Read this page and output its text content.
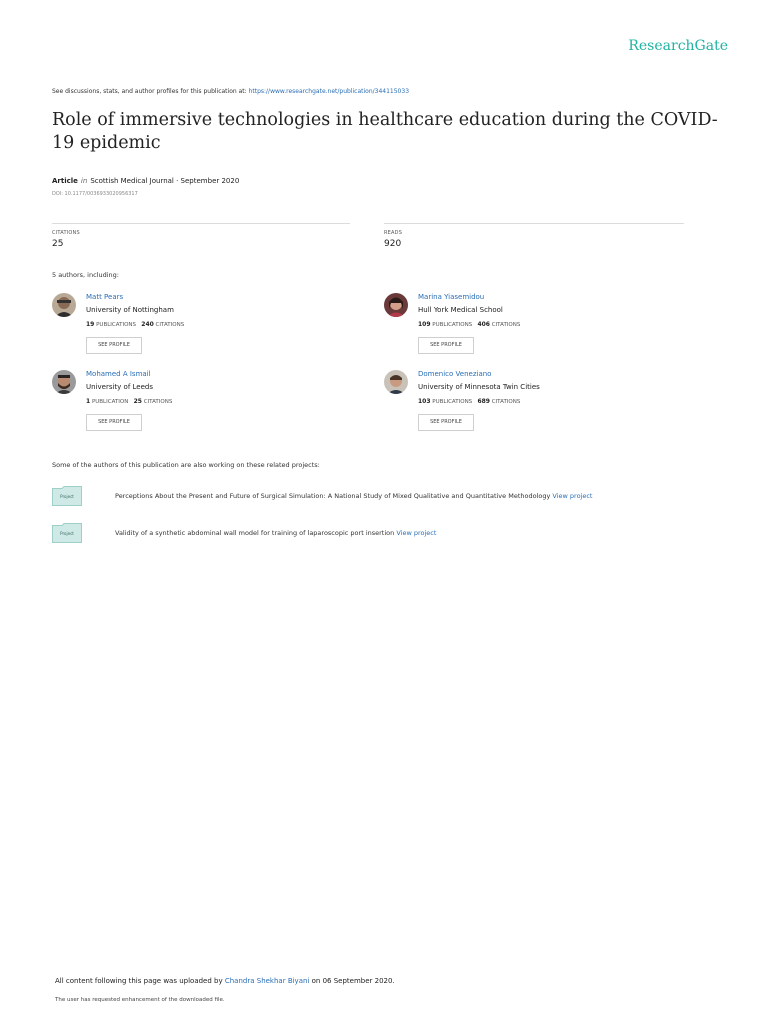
ResearchGate
See discussions, stats, and author profiles for this publication at: https://www.researchgate.net/publication/344115033
Role of immersive technologies in healthcare education during the COVID-19 epidemic
Article in Scottish Medical Journal · September 2020
DOI: 10.1177/0036933020956317
CITATIONS
25
READS
920
5 authors, including:
Matt Pears
University of Nottingham
19 PUBLICATIONS 240 CITATIONS
SEE PROFILE
Marina Yiasemidou
Hull York Medical School
109 PUBLICATIONS 406 CITATIONS
SEE PROFILE
Mohamed A Ismail
University of Leeds
1 PUBLICATION 25 CITATIONS
SEE PROFILE
Domenico Veneziano
University of Minnesota Twin Cities
103 PUBLICATIONS 689 CITATIONS
SEE PROFILE
Some of the authors of this publication are also working on these related projects:
Project	Perceptions About the Present and Future of Surgical Simulation: A National Study of Mixed Qualitative and Quantitative Methodology View project
Project	Validity of a synthetic abdominal wall model for training of laparoscopic port insertion View project
All content following this page was uploaded by Chandra Shekhar Biyani on 06 September 2020.
The user has requested enhancement of the downloaded file.
